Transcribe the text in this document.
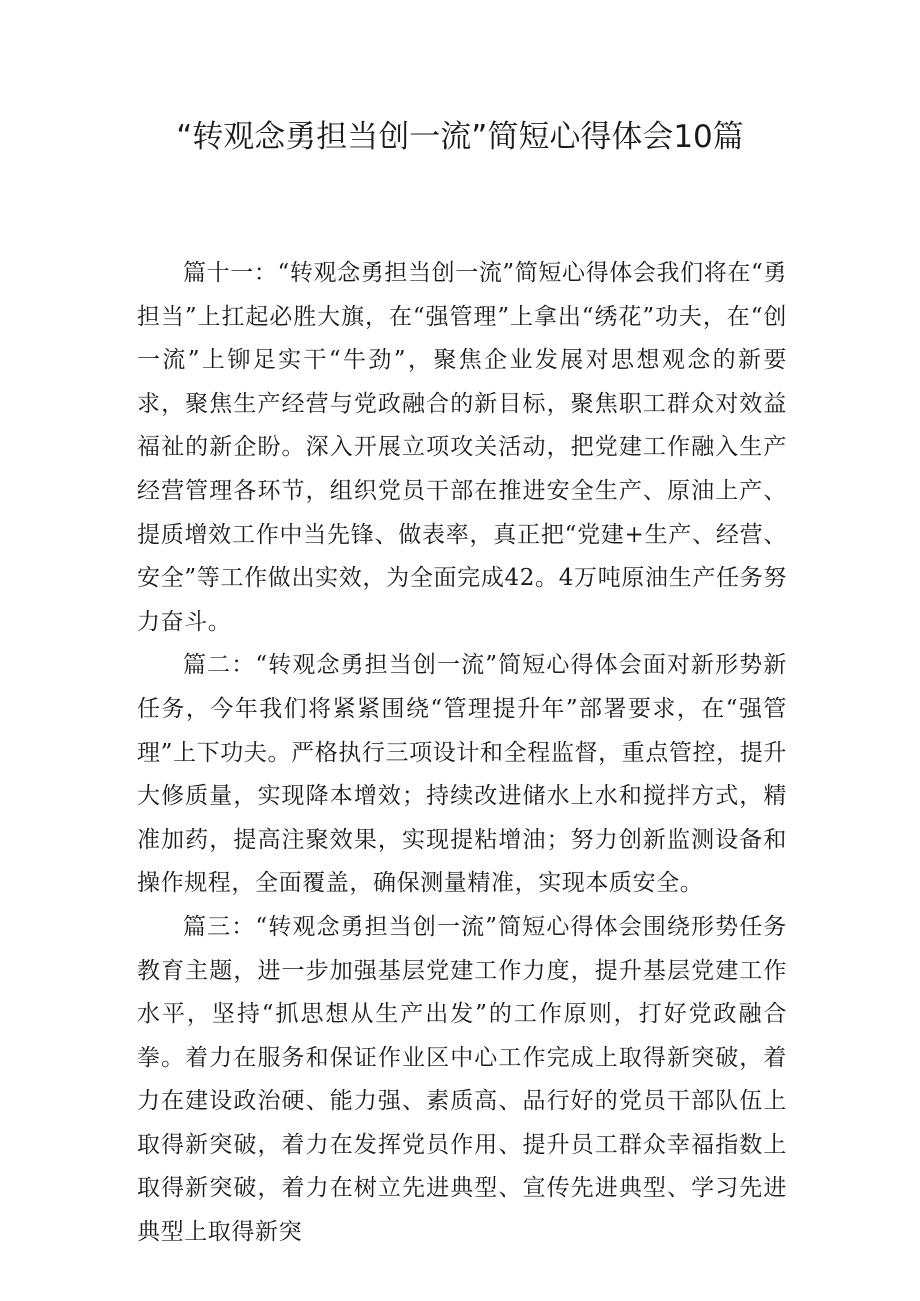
“转观念勇担当创一流”简短心得体会10篇

篇十一：“转观念勇担当创一流”简短心得体会我们将在“勇担当”上扛起必胜大旗，在“强管理”上拿出“绣花”功夫，在“创一流”上铆足实干“牛劲”，聚焦企业发展对思想观念的新要求，聚焦生产经营与党政融合的新目标，聚焦职工群众对效益福祉的新企盼。深入开展立项攻关活动，把党建工作融入生产经营管理各环节，组织党员干部在推进安全生产、原油上产、提质增效工作中当先锋、做表率，真正把“党建+生产、经营、安全”等工作做出实效，为全面完成42。4万吨原油生产任务努力奋斗。

篇二：“转观念勇担当创一流”简短心得体会面对新形势新任务，今年我们将紧紧围绕“管理提升年”部署要求，在“强管理”上下功夫。严格执行三项设计和全程监督，重点管控，提升大修质量，实现降本增效；持续改进储水上水和搅拌方式，精准加药，提高注聚效果，实现提粘增油；努力创新监测设备和操作规程，全面覆盖，确保测量精准，实现本质安全。

篇三：“转观念勇担当创一流”简短心得体会围绕形势任务教育主题，进一步加强基层党建工作力度，提升基层党建工作水平，坚持“抓思想从生产出发”的工作原则，打好党政融合拳。着力在服务和保证作业区中心工作完成上取得新突破，着力在建设政治硬、能力强、素质高、品行好的党员干部队伍上取得新突破，着力在发挥党员作用、提升员工群众幸福指数上取得新突破，着力在树立先进典型、宣传先进典型、学习先进典型上取得新突
